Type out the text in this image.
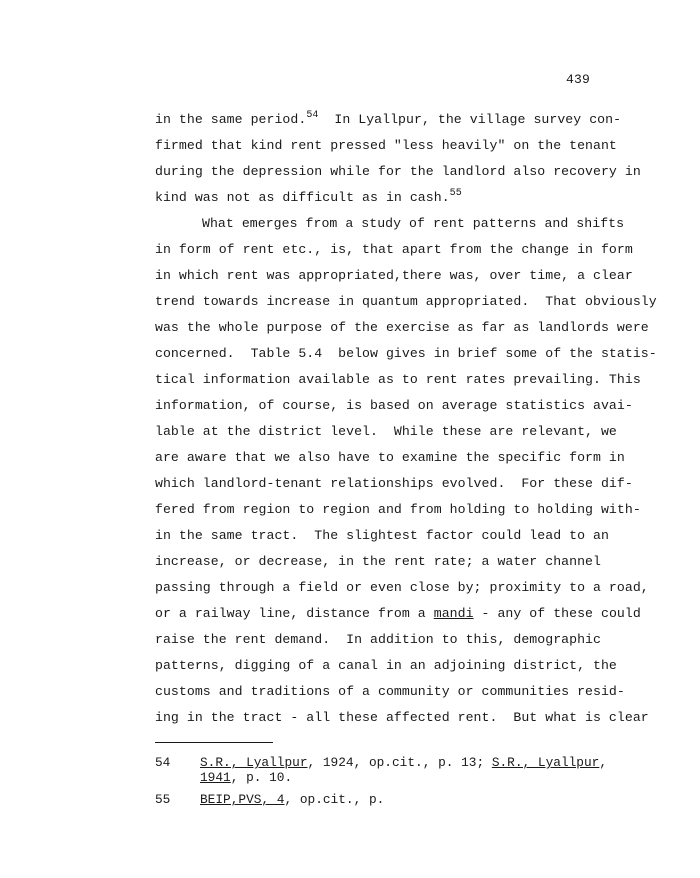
439
in the same period.$^{54}$  In Lyallpur, the village survey con-
firmed that kind rent pressed "less heavily" on the tenant
during the depression while for the landlord also recovery in
kind was not as difficult as in cash.$^{55}$
What emerges from a study of rent patterns and shifts
in form of rent etc., is, that apart from the change in form
in which rent was appropriated,there was, over time, a clear
trend towards increase in quantum appropriated.  That obviously
was the whole purpose of the exercise as far as landlords were
concerned.  Table 5.4  below gives in brief some of the statis-
tical information available as to rent rates prevailing. This
information, of course, is based on average statistics avai-
lable at the district level.  While these are relevant, we
are aware that we also have to examine the specific form in
which landlord-tenant relationships evolved.  For these dif-
fered from region to region and from holding to holding with-
in the same tract.  The slightest factor could lead to an
increase, or decrease, in the rent rate; a water channel
passing through a field or even close by; proximity to a road,
or a railway line, distance from a mandi - any of these could
raise the rent demand.  In addition to this, demographic
patterns, digging of a canal in an adjoining district, the
customs and traditions of a community or communities resid-
ing in the tract - all these affected rent.  But what is clear
54	S.R., Lyallpur, 1924, op.cit., p. 13; S.R., Lyallpur,
1941, p. 10.
55	BEIP,PVS, 4, op.cit., p.
